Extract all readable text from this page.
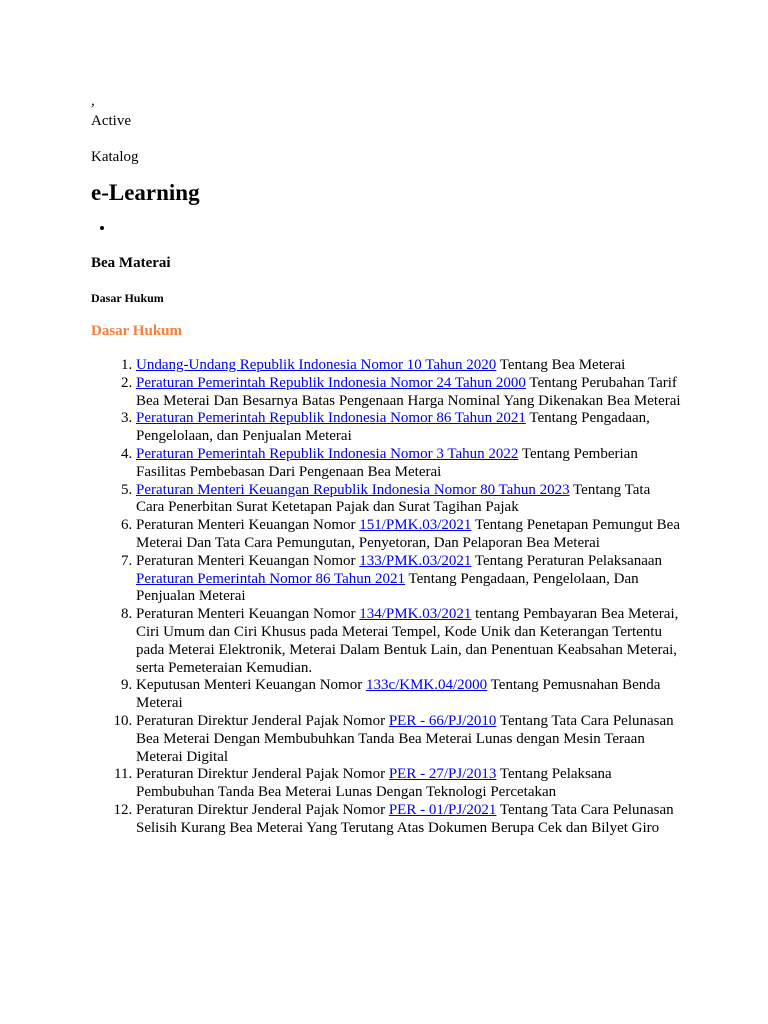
,
Active
Katalog
e-Learning
•
Bea Materai
Dasar Hukum
Dasar Hukum
1. Undang-Undang Republik Indonesia Nomor 10 Tahun 2020 Tentang Bea Meterai
2. Peraturan Pemerintah Republik Indonesia Nomor 24 Tahun 2000 Tentang Perubahan Tarif Bea Meterai Dan Besarnya Batas Pengenaan Harga Nominal Yang Dikenakan Bea Meterai
3. Peraturan Pemerintah Republik Indonesia Nomor 86 Tahun 2021 Tentang Pengadaan, Pengelolaan, dan Penjualan Meterai
4. Peraturan Pemerintah Republik Indonesia Nomor 3 Tahun 2022 Tentang Pemberian Fasilitas Pembebasan Dari Pengenaan Bea Meterai
5. Peraturan Menteri Keuangan Republik Indonesia Nomor 80 Tahun 2023 Tentang Tata Cara Penerbitan Surat Ketetapan Pajak dan Surat Tagihan Pajak
6. Peraturan Menteri Keuangan Nomor 151/PMK.03/2021 Tentang Penetapan Pemungut Bea Meterai Dan Tata Cara Pemungutan, Penyetoran, Dan Pelaporan Bea Meterai
7. Peraturan Menteri Keuangan Nomor 133/PMK.03/2021 Tentang Peraturan Pelaksanaan Peraturan Pemerintah Nomor 86 Tahun 2021 Tentang Pengadaan, Pengelolaan, Dan Penjualan Meterai
8. Peraturan Menteri Keuangan Nomor 134/PMK.03/2021 tentang Pembayaran Bea Meterai, Ciri Umum dan Ciri Khusus pada Meterai Tempel, Kode Unik dan Keterangan Tertentu pada Meterai Elektronik, Meterai Dalam Bentuk Lain, dan Penentuan Keabsahan Meterai, serta Pemeteraian Kemudian.
9. Keputusan Menteri Keuangan Nomor 133c/KMK.04/2000 Tentang Pemusnahan Benda Meterai
10. Peraturan Direktur Jenderal Pajak Nomor PER - 66/PJ/2010 Tentang Tata Cara Pelunasan Bea Meterai Dengan Membubuhkan Tanda Bea Meterai Lunas dengan Mesin Teraan Meterai Digital
11. Peraturan Direktur Jenderal Pajak Nomor PER - 27/PJ/2013 Tentang Pelaksana Pembubuhan Tanda Bea Meterai Lunas Dengan Teknologi Percetakan
12. Peraturan Direktur Jenderal Pajak Nomor PER - 01/PJ/2021 Tentang Tata Cara Pelunasan Selisih Kurang Bea Meterai Yang Terutang Atas Dokumen Berupa Cek dan Bilyet Giro
